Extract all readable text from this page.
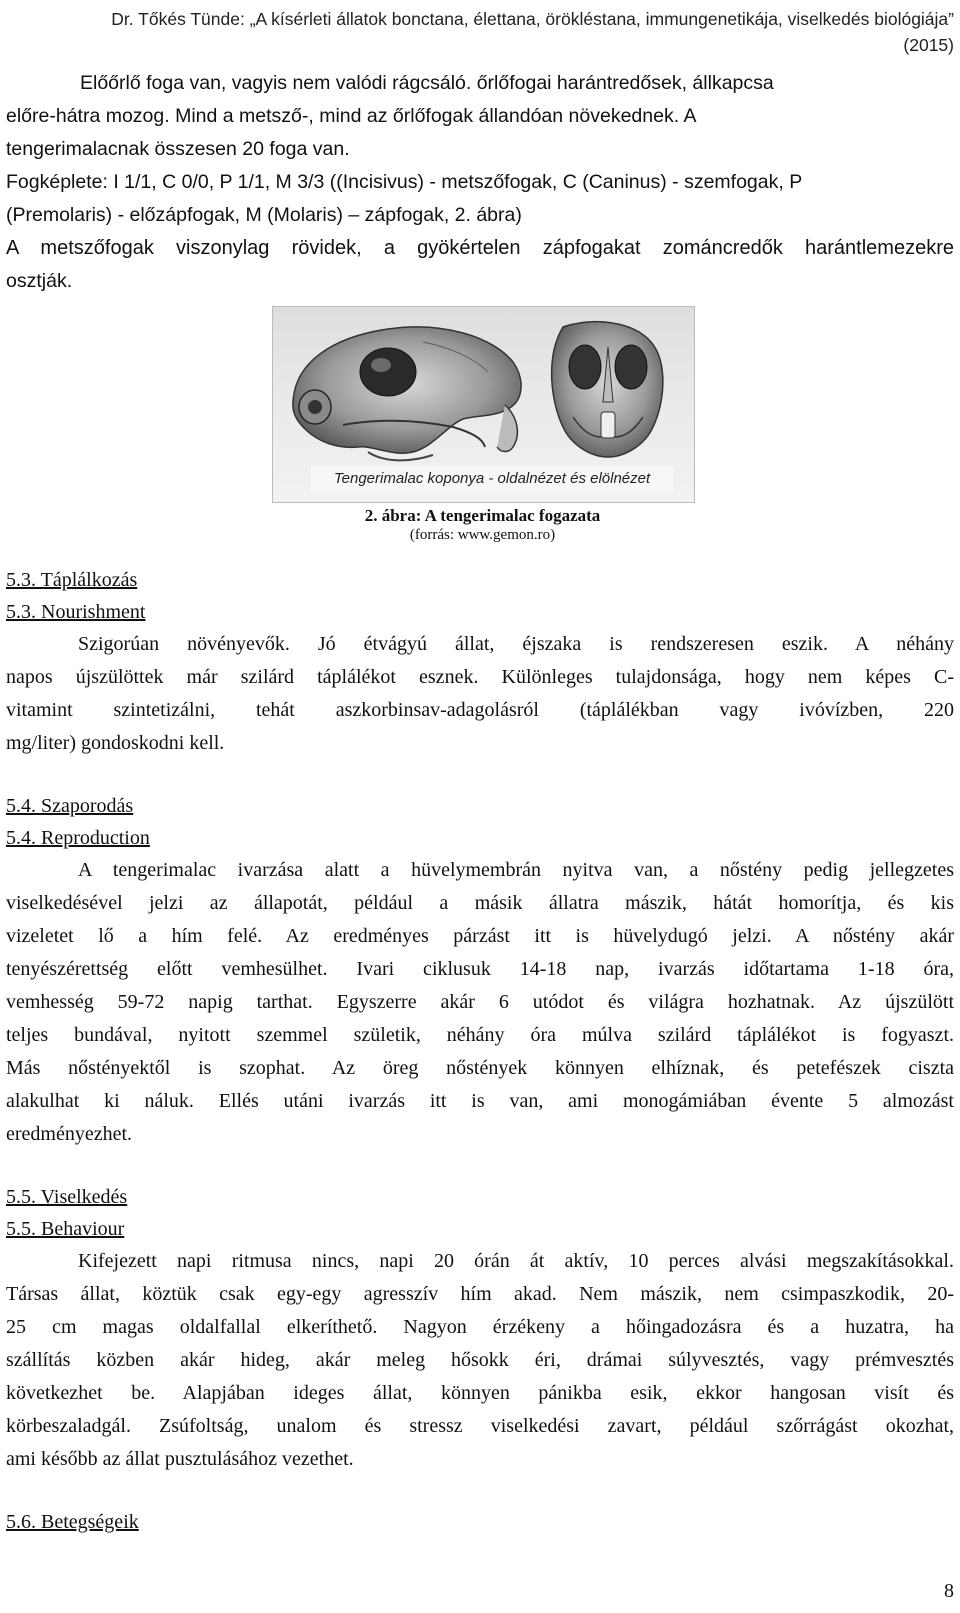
Dr. Tőkés Tünde: „A kísérleti állatok bonctana, élettana, örökléstana, immungenetikája, viselkedés biológiája”
(2015)
Előőrlő foga van, vagyis nem valódi rágcsáló. őrlőfogai harántredősek, állkapcsa
előre-hátra mozog. Mind a metsző-, mind az őrlőfogak állandóan növekednek. A
tengerimalacnak összesen 20 foga van.
Fogképlete: I 1/1, C 0/0, P 1/1, M 3/3 ((Incisivus) - metszőfogak, C (Caninus) - szemfogak, P
(Premolaris) - előzápfogak, M (Molaris) – zápfogak, 2. ábra)
A metszőfogak viszonylag rövidek, a gyökértelen zápfogakat zománcredők harántlemezekre
osztják.
Tengerimalac koponya - oldalnézet és elölnézet
2. ábra: A tengerimalac fogazata
(forrás: www.gemon.ro)
5.3. Táplálkozás
5.3. Nourishment
Szigorúan növényevők. Jó étvágyú állat, éjszaka is rendszeresen eszik. A néhány
napos újszülöttek már szilárd táplálékot esznek. Különleges tulajdonsága, hogy nem képes C-
vitamint szintetizálni, tehát aszkorbinsav-adagolásról (táplálékban vagy ivóvízben, 220
mg/liter) gondoskodni kell.
5.4. Szaporodás
5.4. Reproduction
A tengerimalac ivarzása alatt a hüvelymembrán nyitva van, a nőstény pedig jellegzetes
viselkedésével jelzi az állapotát, például a másik állatra mászik, hátát homorítja, és kis
vizeletet lő a hím felé. Az eredményes párzást itt is hüvelydugó jelzi. A nőstény akár
tenyészérettség előtt vemhesülhet. Ivari ciklusuk 14-18 nap, ivarzás időtartama 1-18 óra,
vemhesség 59-72 napig tarthat. Egyszerre akár 6 utódot és világra hozhatnak. Az újszülött
teljes bundával, nyitott szemmel születik, néhány óra múlva szilárd táplálékot is fogyaszt.
Más nőstényektől is szophat. Az öreg nőstények könnyen elhíznak, és petefészek ciszta
alakulhat ki náluk. Ellés utáni ivarzás itt is van, ami monogámiában évente 5 almozást
eredményezhet.
5.5. Viselkedés
5.5. Behaviour
Kifejezett napi ritmusa nincs, napi 20 órán át aktív, 10 perces alvási megszakításokkal.
Társas állat, köztük csak egy-egy agresszív hím akad. Nem mászik, nem csimpaszkodik, 20-
25 cm magas oldalfallal elkeríthető. Nagyon érzékeny a hőingadozásra és a huzatra, ha
szállítás közben akár hideg, akár meleg hősokk éri, drámai súlyvesztés, vagy prémvesztés
következhet be. Alapjában ideges állat, könnyen pánikba esik, ekkor hangosan visít és
körbeszaladgál. Zsúfoltság, unalom és stressz viselkedési zavart, például szőrrágást okozhat,
ami később az állat pusztulásához vezethet.
5.6. Betegségeik
8
